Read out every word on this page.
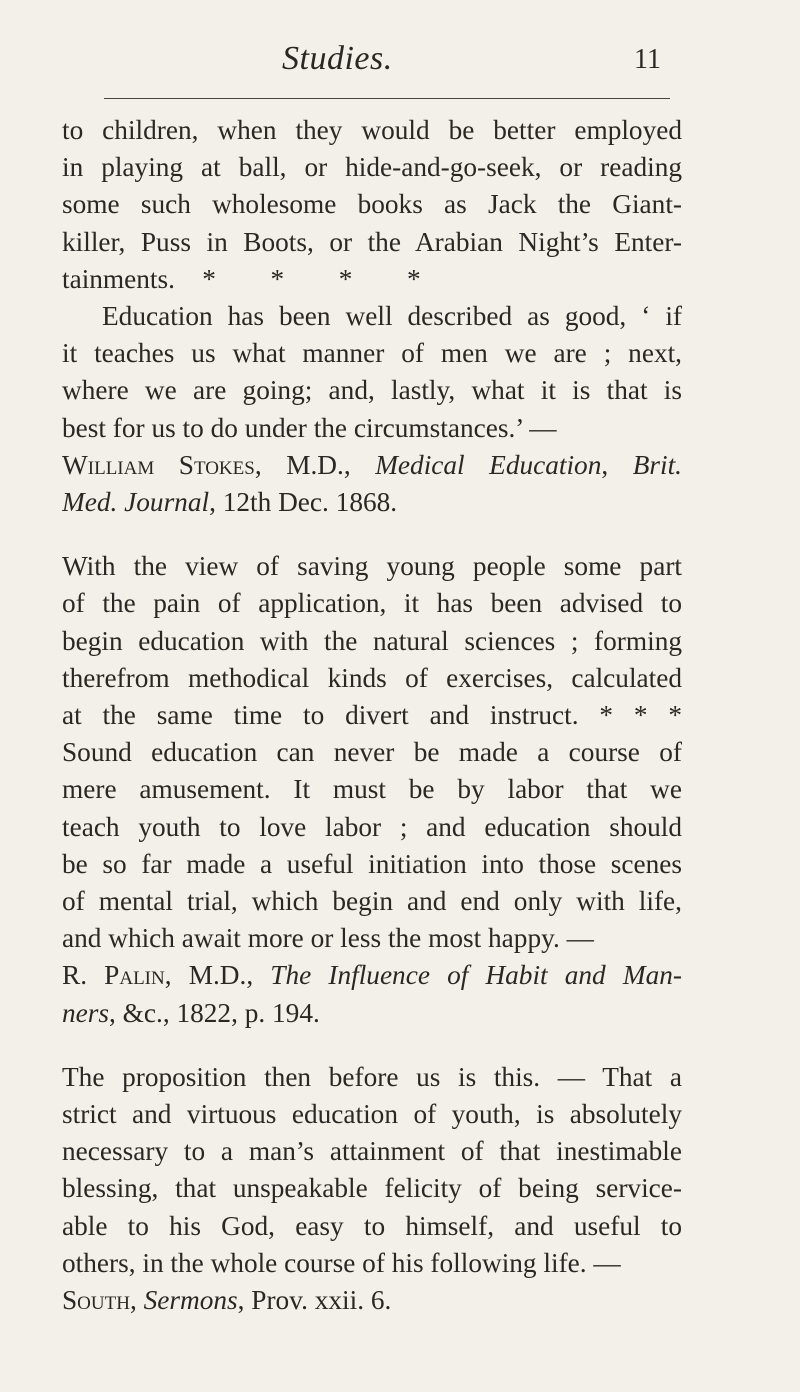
Studies.	11

to children, when they would be better employed
in playing at ball, or hide-and-go-seek, or reading
some such wholesome books as Jack the Giant-
killer, Puss in Boots, or the Arabian Night’s Enter-
tainments.    *        *        *        *

Education has been well described as good, ‘ if
it teaches us what manner of men we are ; next,
where we are going; and, lastly, what it is that is
best for us to do under the circumstances.’ —
William Stokes, M.D., Medical Education, Brit.
Med. Journal, 12th Dec. 1868.

With the view of saving young people some part
of the pain of application, it has been advised to
begin education with the natural sciences ; forming
therefrom methodical kinds of exercises, calculated
at the same time to divert and instruct. * * *
Sound education can never be made a course of
mere amusement. It must be by labor that we
teach youth to love labor ; and education should
be so far made a useful initiation into those scenes
of mental trial, which begin and end only with life,
and which await more or less the most happy. —
R. Palin, M.D., The Influence of Habit and Man-
ners, &c., 1822, p. 194.

The proposition then before us is this. — That a
strict and virtuous education of youth, is absolutely
necessary to a man’s attainment of that inestimable
blessing, that unspeakable felicity of being service-
able to his God, easy to himself, and useful to
others, in the whole course of his following life. —
South, Sermons, Prov. xxii. 6.
